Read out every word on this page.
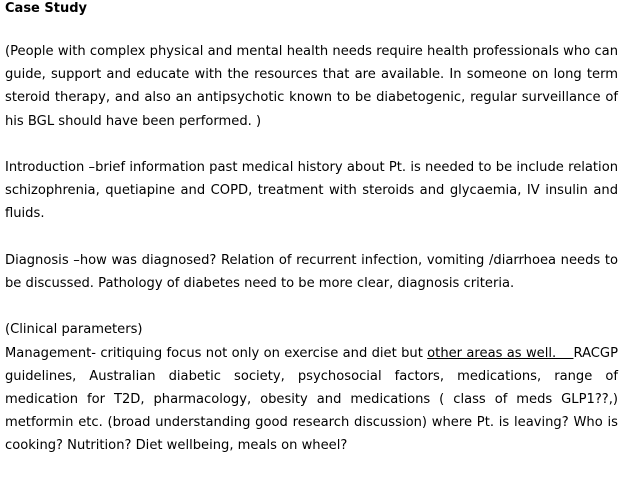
Case Study

(People with complex physical and mental health needs require health professionals who can guide, support and educate with the resources that are available. In someone on long term steroid therapy, and also an antipsychotic known to be diabetogenic, regular surveillance of his BGL should have been performed. )

Introduction –brief information past medical history about Pt. is needed to be include relation schizophrenia, quetiapine and COPD, treatment with steroids and glycaemia, IV insulin and fluids.

Diagnosis –how was diagnosed? Relation of recurrent infection, vomiting /diarrhoea needs to be discussed. Pathology of diabetes need to be more clear, diagnosis criteria.

(Clinical parameters)

Management- critiquing focus not only on exercise and diet but other areas as well.    RACGP guidelines, Australian diabetic society, psychosocial factors, medications, range of medication for T2D, pharmacology, obesity and medications ( class of meds GLP1??,) metformin etc. (broad understanding good research discussion) where Pt. is leaving? Who is cooking? Nutrition? Diet wellbeing, meals on wheel?
